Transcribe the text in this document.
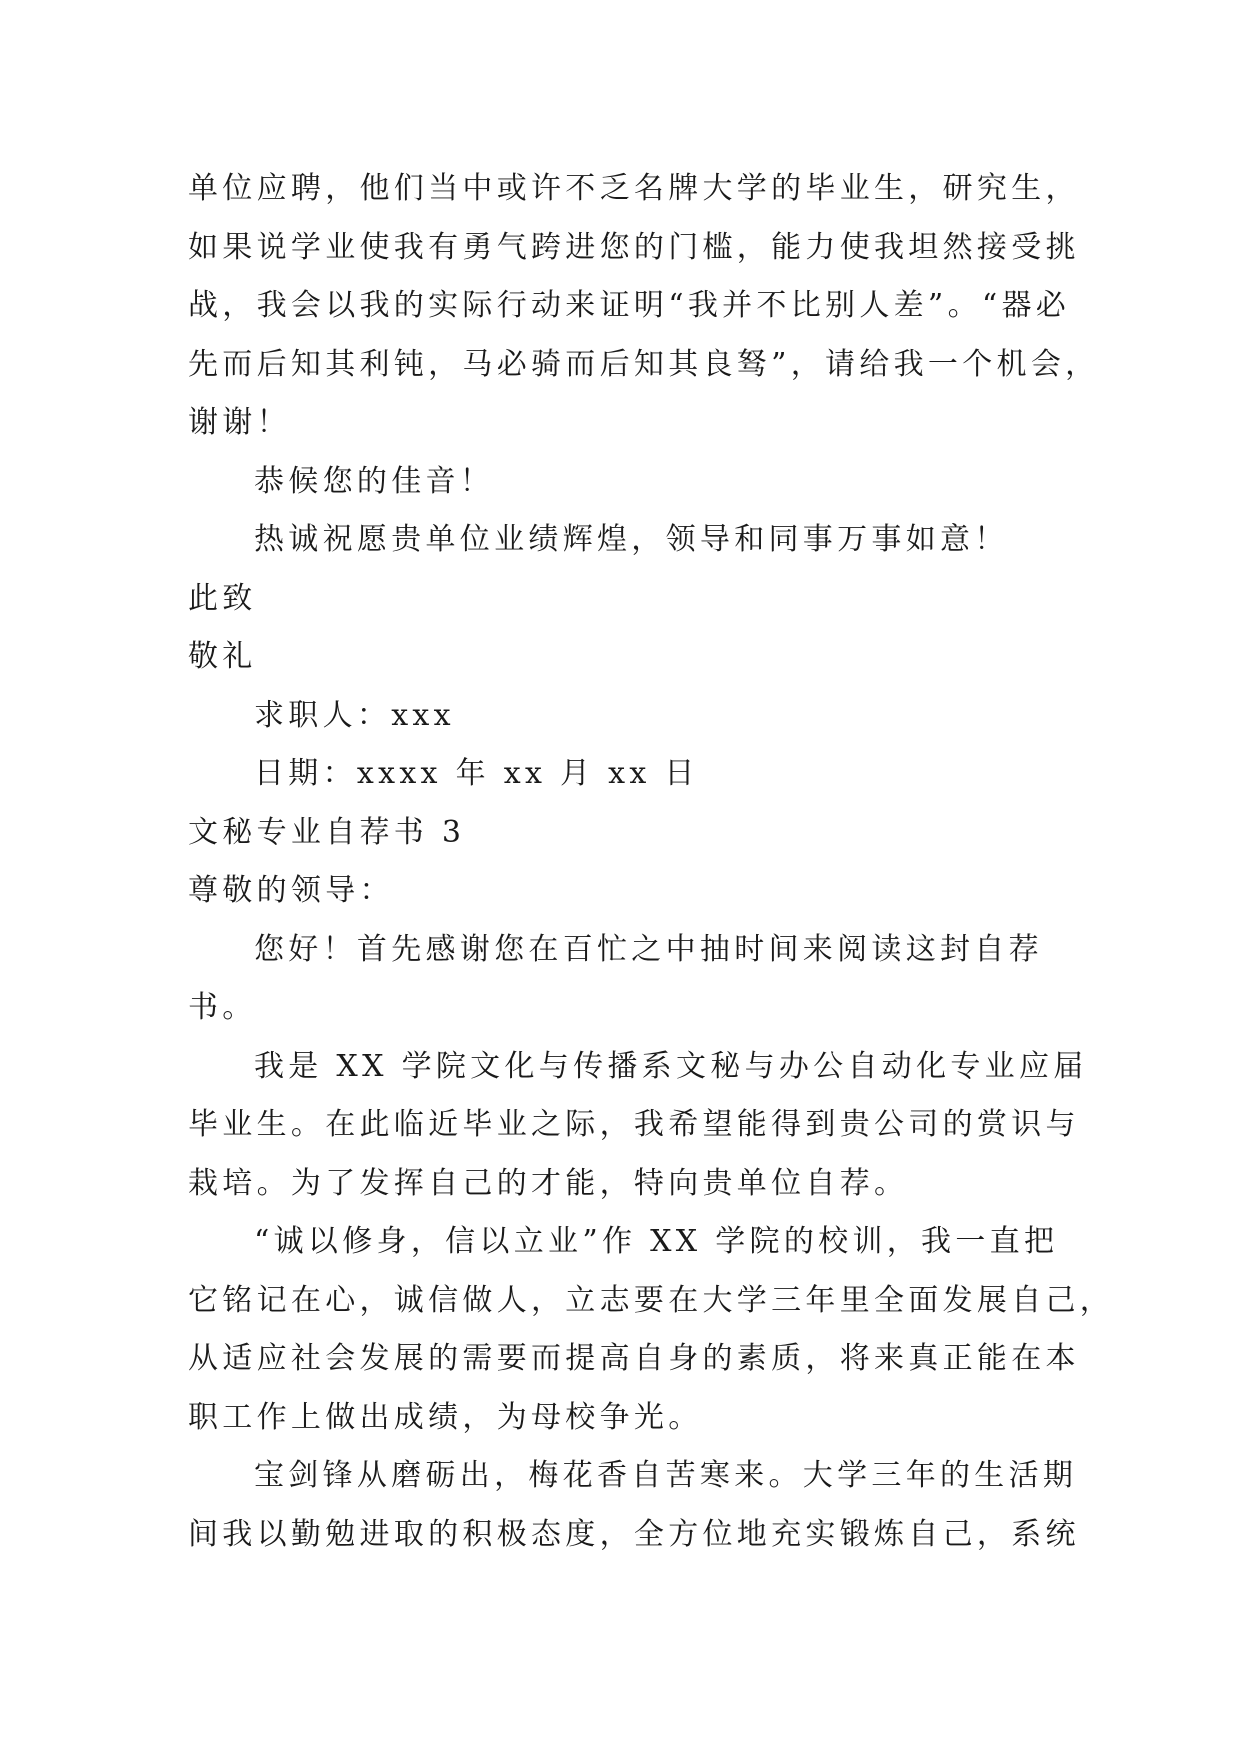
单位应聘，他们当中或许不乏名牌大学的毕业生，研究生，
如果说学业使我有勇气跨进您的门槛，能力使我坦然接受挑
战，我会以我的实际行动来证明“我并不比别人差”。“器必
先而后知其利钝，马必骑而后知其良驽”，请给我一个机会，
谢谢！
恭候您的佳音！
热诚祝愿贵单位业绩辉煌，领导和同事万事如意！
此致
敬礼
求职人：xxx
日期：xxxx 年 xx 月 xx 日
文秘专业自荐书 3
尊敬的领导：
您好！首先感谢您在百忙之中抽时间来阅读这封自荐
书。
我是 XX 学院文化与传播系文秘与办公自动化专业应届
毕业生。在此临近毕业之际，我希望能得到贵公司的赏识与
栽培。为了发挥自己的才能，特向贵单位自荐。
“诚以修身，信以立业”作 XX 学院的校训，我一直把
它铭记在心，诚信做人，立志要在大学三年里全面发展自己，
从适应社会发展的需要而提高自身的素质，将来真正能在本
职工作上做出成绩，为母校争光。
宝剑锋从磨砺出，梅花香自苦寒来。大学三年的生活期
间我以勤勉进取的积极态度，全方位地充实锻炼自己，系统
